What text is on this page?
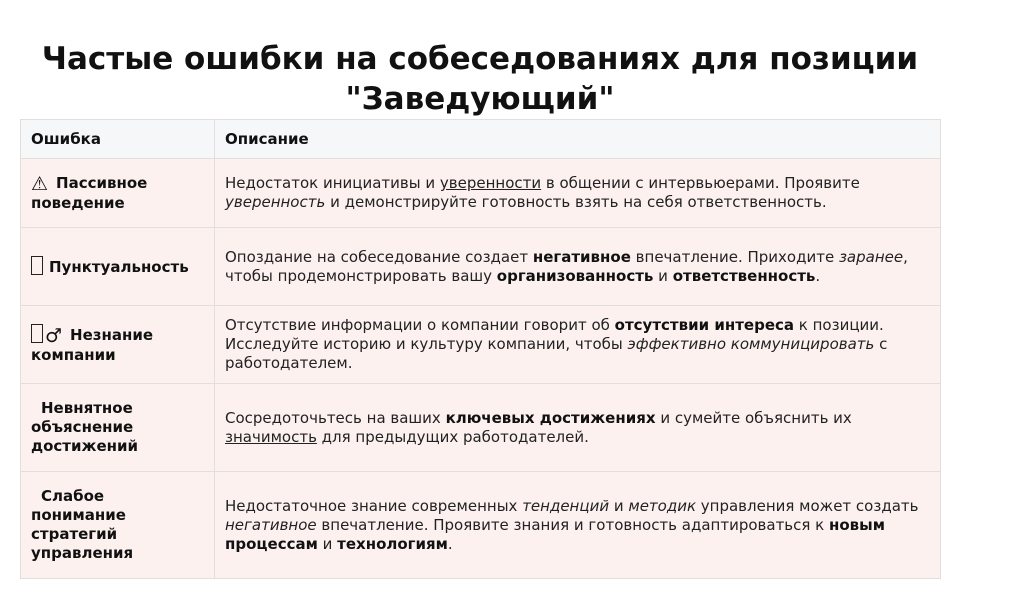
Частые ошибки на собеседованиях для позиции
"Заведующий"
Ошибка	Описание
⚠ Пассивное поведение	Недостаток инициативы и уверенности в общении с интервьюерами. Проявите уверенность и демонстрируйте готовность взять на себя ответственность.
Пунктуальность	Опоздание на собеседование создает негативное впечатление. Приходите заранее, чтобы продемонстрировать вашу организованность и ответственность.
♂ Незнание компании	Отсутствие информации о компании говорит об отсутствии интереса к позиции. Исследуйте историю и культуру компании, чтобы эффективно коммуницировать с работодателем.
Невнятное объяснение достижений	Сосредоточьтесь на ваших ключевых достижениях и сумейте объяснить их значимость для предыдущих работодателей.
Слабое понимание стратегий управления	Недостаточное знание современных тенденций и методик управления может создать негативное впечатление. Проявите знания и готовность адаптироваться к новым процессам и технологиям.
